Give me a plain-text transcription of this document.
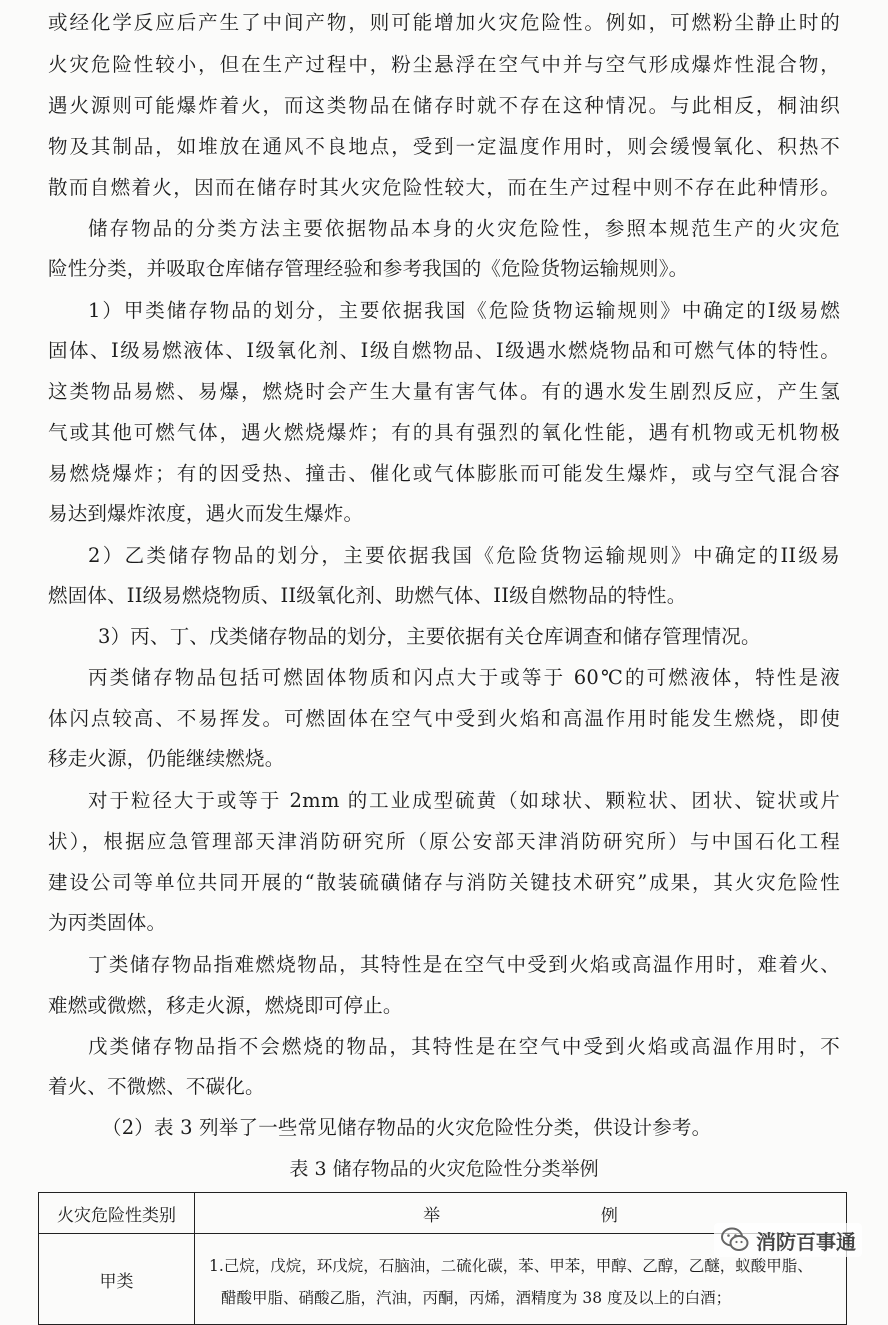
或经化学反应后产生了中间产物，则可能增加火灾危险性。例如，可燃粉尘静止时的
火灾危险性较小，但在生产过程中，粉尘悬浮在空气中并与空气形成爆炸性混合物，
遇火源则可能爆炸着火，而这类物品在储存时就不存在这种情况。与此相反，桐油织
物及其制品，如堆放在通风不良地点，受到一定温度作用时，则会缓慢氧化、积热不
散而自燃着火，因而在储存时其火灾危险性较大，而在生产过程中则不存在此种情形。
储存物品的分类方法主要依据物品本身的火灾危险性，参照本规范生产的火灾危
险性分类，并吸取仓库储存管理经验和参考我国的《危险货物运输规则》。
1）甲类储存物品的划分，主要依据我国《危险货物运输规则》中确定的I级易燃
固体、I级易燃液体、I级氧化剂、I级自燃物品、I级遇水燃烧物品和可燃气体的特性。
这类物品易燃、易爆，燃烧时会产生大量有害气体。有的遇水发生剧烈反应，产生氢
气或其他可燃气体，遇火燃烧爆炸；有的具有强烈的氧化性能，遇有机物或无机物极
易燃烧爆炸；有的因受热、撞击、催化或气体膨胀而可能发生爆炸，或与空气混合容
易达到爆炸浓度，遇火而发生爆炸。
2）乙类储存物品的划分，主要依据我国《危险货物运输规则》中确定的II级易
燃固体、II级易燃烧物质、II级氧化剂、助燃气体、II级自燃物品的特性。
3）丙、丁、戊类储存物品的划分，主要依据有关仓库调查和储存管理情况。
丙类储存物品包括可燃固体物质和闪点大于或等于 60℃的可燃液体，特性是液
体闪点较高、不易挥发。可燃固体在空气中受到火焰和高温作用时能发生燃烧，即使
移走火源，仍能继续燃烧。
对于粒径大于或等于 2mm 的工业成型硫黄（如球状、颗粒状、团状、锭状或片
状），根据应急管理部天津消防研究所（原公安部天津消防研究所）与中国石化工程
建设公司等单位共同开展的“散装硫磺储存与消防关键技术研究”成果，其火灾危险性
为丙类固体。
丁类储存物品指难燃烧物品，其特性是在空气中受到火焰或高温作用时，难着火、
难燃或微燃，移走火源，燃烧即可停止。
戊类储存物品指不会燃烧的物品，其特性是在空气中受到火焰或高温作用时，不
着火、不微燃、不碳化。
（2）表 3 列举了一些常见储存物品的火灾危险性分类，供设计参考。
表 3 储存物品的火灾危险性分类举例
火灾危险性类别	举 例
甲类	1.己烷，戊烷，环戊烷，石脑油，二硫化碳，苯、甲苯，甲醇、乙醇，乙醚，蚁酸甲脂、
醋酸甲脂、硝酸乙脂，汽油，丙酮，丙烯，酒精度为 38 度及以上的白酒；
消防百事通
